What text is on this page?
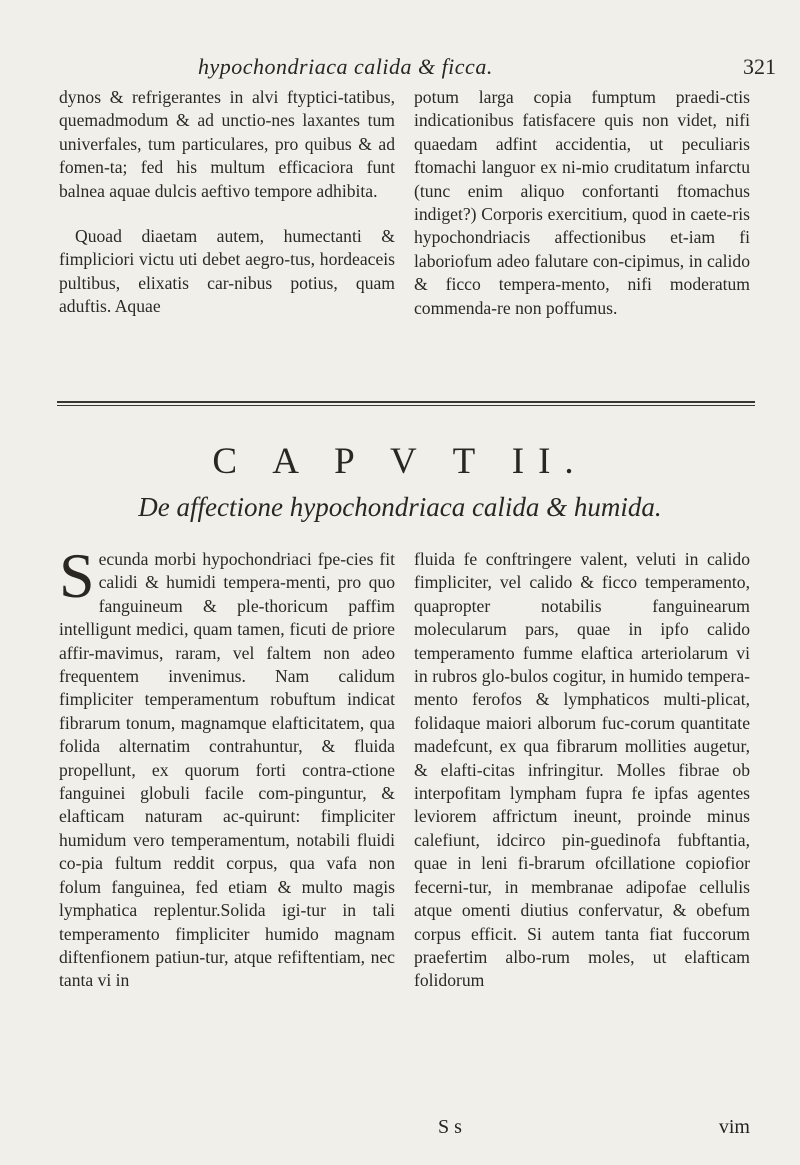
hypochondriaca calida & ficca.	321

dynos & refrigerantes in alvi ftyptici-tatibus, quemadmodum & ad unctio-nes laxantes tum univerfales, tum particulares, pro quibus & ad fomen-ta; fed his multum efficaciora funt balnea aquae dulcis aeftivo tempore adhibita.

Quoad diaetam autem, humectanti & fimpliciori victu uti debet aegro-tus, hordeaceis pultibus, elixatis car-nibus potius, quam aduftis. Aquae

potum larga copia fumptum praedi-ctis indicationibus fatisfacere quis non videt, nifi quaedam adfint accidentia, ut peculiaris ftomachi languor ex ni-mio cruditatum infarctu (tunc enim aliquo confortanti ftomachus indiget?) Corporis exercitium, quod in caete-ris hypochondriacis affectionibus et-iam fi laboriofum adeo falutare con-cipimus, in calido & ficco tempera-mento, nifi moderatum commenda-re non poffumus.

C A P V T II.
De affectione hypochondriaca calida & humida.

Secunda morbi hypochondriaci fpe-cies fit calidi & humidi tempera-menti, pro quo fanguineum & ple-thoricum paffim intelligunt medici, quam tamen, ficuti de priore affir-mavimus, raram, vel faltem non adeo frequentem invenimus. Nam calidum fimpliciter temperamentum robuftum indicat fibrarum tonum, magnamque elafticitatem, qua folida alternatim contrahuntur, & fluida propellunt, ex quorum forti contra-ctione fanguinei globuli facile com-pinguntur, & elafticam naturam ac-quirunt: fimpliciter humidum vero temperamentum, notabili fluidi co-pia fultum reddit corpus, qua vafa non folum fanguinea, fed etiam & multo magis lymphatica replentur.Solida igi-tur in tali temperamento fimpliciter humido magnam diftenfionem patiun-tur, atque refiftentiam, nec tanta vi in

fluida fe conftringere valent, veluti in calido fimpliciter, vel calido & ficco temperamento, quapropter notabilis fanguinearum molecularum pars, quae in ipfo calido temperamento fumme elaftica arteriolarum vi in rubros glo-bulos cogitur, in humido tempera-mento ferofos & lymphaticos multi-plicat, folidaque maiori alborum fuc-corum quantitate madefcunt, ex qua fibrarum mollities augetur, & elafti-citas infringitur. Molles fibrae ob interpofitam lympham fupra fe ipfas agentes leviorem affrictum ineunt, proinde minus calefiunt, idcirco pin-guedinofa fubftantia, quae in leni fi-brarum ofcillatione copiofior fecerni-tur, in membranae adipofae cellulis atque omenti diutius confervatur, & obefum corpus efficit. Si autem tanta fiat fuccorum praefertim albo-rum moles, ut elafticam folidorum

S s	vim
